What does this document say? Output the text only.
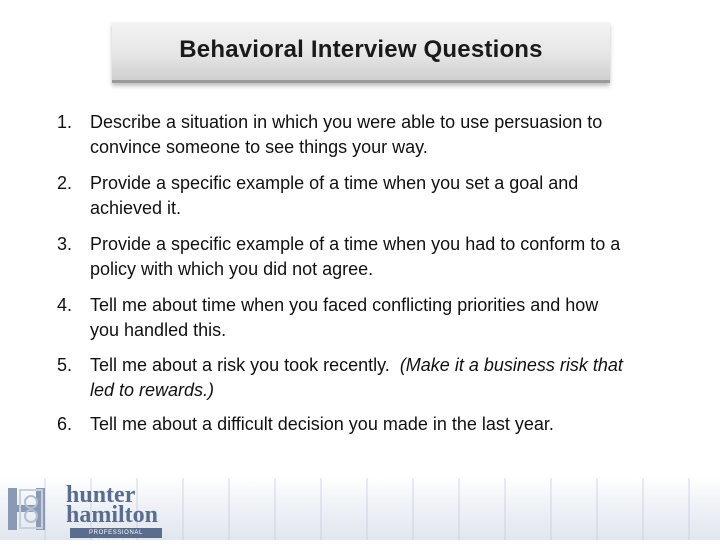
Behavioral Interview Questions
1. Describe a situation in which you were able to use persuasion to
convince someone to see things your way.
2. Provide a specific example of a time when you set a goal and
achieved it.
3. Provide a specific example of a time when you had to conform to a
policy with which you did not agree.
4. Tell me about time when you faced conflicting priorities and how
you handled this.
5. Tell me about a risk you took recently.  (Make it a business risk that
led to rewards.)
6. Tell me about a difficult decision you made in the last year.
hunter
hamilton
PROFESSIONAL RESOURCES
